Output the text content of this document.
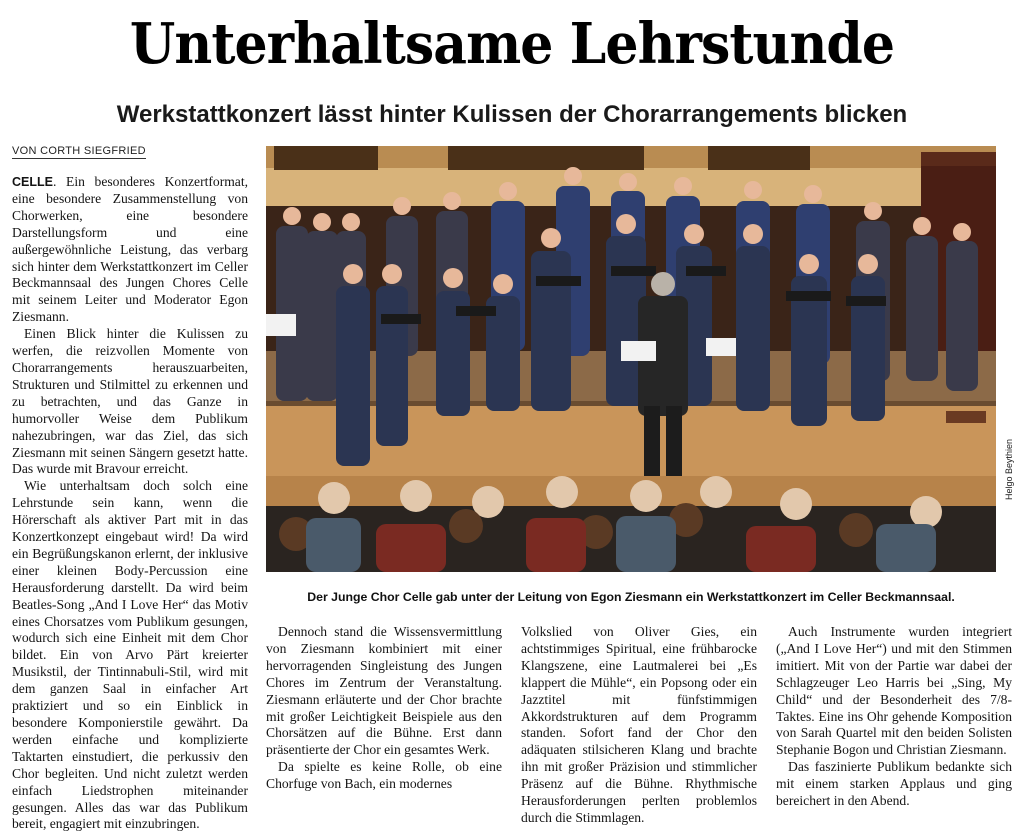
Unterhaltsame Lehrstunde
Werkstattkonzert lässt hinter Kulissen der Chorarrangements blicken
VON CORTH SIEGFRIED

CELLE. Ein besonderes Konzertformat, eine besondere Zusammenstellung von Chorwerken, eine besondere Darstellungsform und eine außergewöhnliche Leistung, das verbarg sich hinter dem Werkstattkonzert im Celler Beckmannsaal des Jungen Chores Celle mit seinem Leiter und Moderator Egon Ziesmann.

Einen Blick hinter die Kulissen zu werfen, die reizvollen Momente von Chorarrangements herauszuarbeiten, Strukturen und Stilmittel zu erkennen und zu betrachten, und das Ganze in humorvoller Weise dem Publikum nahezubringen, war das Ziel, das sich Ziesmann mit seinen Sängern gesetzt hatte. Das wurde mit Bravour erreicht.

Wie unterhaltsam doch solch eine Lehrstunde sein kann, wenn die Hörerschaft als aktiver Part mit in das Konzertkonzept eingebaut wird! Da wird ein Begrüßungskanon erlernt, der inklusive einer kleinen Body-Percussion eine Herausforderung darstellt. Da wird beim Beatles-Song „And I Love Her“ das Motiv eines Chorsatzes vom Publikum gesungen, wodurch sich eine Einheit mit dem Chor bildet. Ein von Arvo Pärt kreierter Musikstil, der Tintinnabuli-Stil, wird mit dem ganzen Saal in einfacher Art praktiziert und so ein Einblick in besondere Komponierstile gewährt. Da werden einfache und komplizierte Taktarten einstudiert, die perkussiv den Chor begleiten. Und nicht zuletzt werden einfach Liedstrophen miteinander gesungen. Alles das war das Publikum bereit, engagiert mit einzubringen.

Helgo Beythien

Der Junge Chor Celle gab unter der Leitung von Egon Ziesmann ein Werkstattkonzert im Celler Beckmannsaal.

Dennoch stand die Wissensvermittlung von Ziesmann kombiniert mit einer hervorragenden Singleistung des Jungen Chores im Zentrum der Veranstaltung. Ziesmann erläuterte und der Chor brachte mit großer Leichtigkeit Beispiele aus den Chorsätzen auf die Bühne. Erst dann präsentierte der Chor ein gesamtes Werk.

Da spielte es keine Rolle, ob eine Chorfuge von Bach, ein modernes

Volkslied von Oliver Gies, ein achtstimmiges Spiritual, eine frühbarocke Klangszene, eine Lautmalerei bei „Es klappert die Mühle“, ein Popsong oder ein Jazztitel mit fünfstimmigen Akkordstrukturen auf dem Programm standen. Sofort fand der Chor den adäquaten stilsicheren Klang und brachte ihn mit großer Präzision und stimmlicher Präsenz auf die Bühne. Rhythmische Herausforderungen perlten problemlos durch die Stimmlagen.

Auch Instrumente wurden integriert („And I Love Her“) und mit den Stimmen imitiert. Mit von der Partie war dabei der Schlagzeuger Leo Harris bei „Sing, My Child“ und der Besonderheit des 7/8-Taktes. Eine ins Ohr gehende Komposition von Sarah Quartel mit den beiden Solisten Stephanie Bogon und Christian Ziesmann.

Das faszinierte Publikum bedankte sich mit einem starken Applaus und ging bereichert in den Abend.
